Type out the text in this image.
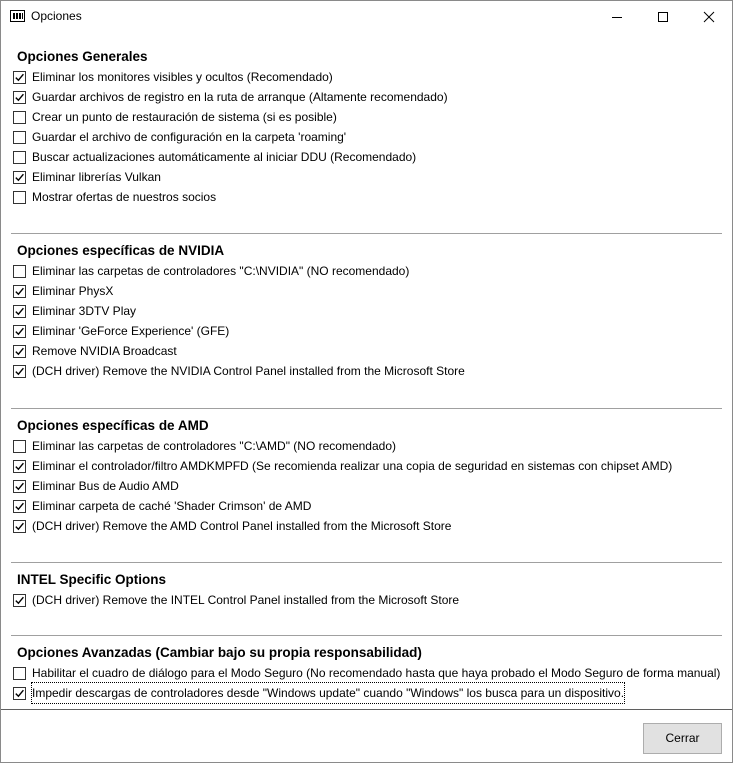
Opciones
Opciones Generales
Eliminar los monitores visibles y ocultos (Recomendado)
Guardar archivos de registro en la ruta de arranque (Altamente recomendado)
Crear un punto de restauración de sistema (si es posible)
Guardar el archivo de configuración en la carpeta 'roaming'
Buscar actualizaciones automáticamente al iniciar DDU (Recomendado)
Eliminar librerías Vulkan
Mostrar ofertas de nuestros socios
Opciones específicas de NVIDIA
Eliminar las carpetas de controladores "C:\NVIDIA" (NO recomendado)
Eliminar PhysX
Eliminar 3DTV Play
Eliminar 'GeForce Experience' (GFE)
Remove NVIDIA Broadcast
(DCH driver) Remove the NVIDIA Control Panel installed from the Microsoft Store
Opciones específicas de AMD
Eliminar las carpetas de controladores "C:\AMD" (NO recomendado)
Eliminar el controlador/filtro AMDKMPFD (Se recomienda realizar una copia de seguridad en sistemas con chipset AMD)
Eliminar Bus de Audio AMD
Eliminar carpeta de caché 'Shader Crimson' de AMD
(DCH driver) Remove the AMD Control Panel installed from the Microsoft Store
INTEL Specific Options
(DCH driver) Remove the INTEL Control Panel installed from the Microsoft Store
Opciones Avanzadas (Cambiar bajo su propia responsabilidad)
Habilitar el cuadro de diálogo para el Modo Seguro (No recomendado hasta que haya probado el Modo Seguro de forma manual)
Impedir descargas de controladores desde "Windows update" cuando "Windows" los busca para un dispositivo.
Cerrar
